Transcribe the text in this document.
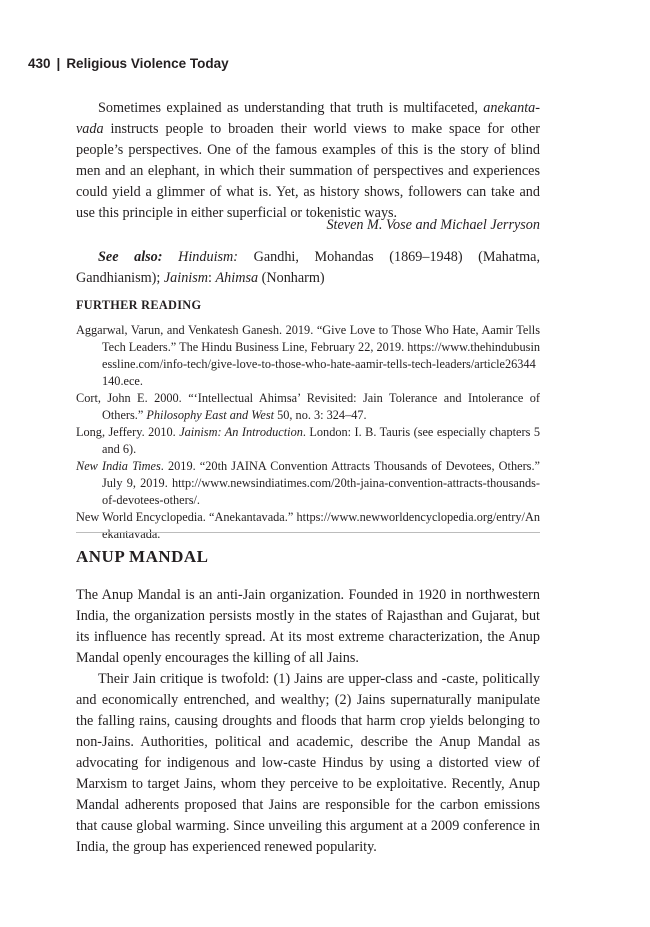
430 | Religious Violence Today

Sometimes explained as understanding that truth is multifaceted, anekanta-vada instructs people to broaden their world views to make space for other people’s perspectives. One of the famous examples of this is the story of blind men and an elephant, in which their summation of perspectives and experiences could yield a glimmer of what is. Yet, as history shows, followers can take and use this principle in either superficial or tokenistic ways.

Steven M. Vose and Michael Jerryson

See also: Hinduism: Gandhi, Mohandas (1869–1948) (Mahatma, Gandhianism); Jainism: Ahimsa (Nonharm)

FURTHER READING

Aggarwal, Varun, and Venkatesh Ganesh. 2019. “Give Love to Those Who Hate, Aamir Tells Tech Leaders.” The Hindu Business Line, February 22, 2019. https://www.thehindubusinessline.com/info-tech/give-love-to-those-who-hate-aamir-tells-tech-leaders/article26344140.ece.

Cort, John E. 2000. “‘Intellectual Ahimsa’ Revisited: Jain Tolerance and Intolerance of Others.” Philosophy East and West 50, no. 3: 324–47.

Long, Jeffery. 2010. Jainism: An Introduction. London: I. B. Tauris (see especially chapters 5 and 6).

New India Times. 2019. “20th JAINA Convention Attracts Thousands of Devotees, Others.” July 9, 2019. http://www.newsindiatimes.com/20th-jaina-convention-attracts-thousands-of-devotees-others/.

New World Encyclopedia. “Anekantavada.” https://www.newworldencyclopedia.org/entry/Anekantavada.

ANUP MANDAL

The Anup Mandal is an anti-Jain organization. Founded in 1920 in northwestern India, the organization persists mostly in the states of Rajasthan and Gujarat, but its influence has recently spread. At its most extreme characterization, the Anup Mandal openly encourages the killing of all Jains.

Their Jain critique is twofold: (1) Jains are upper-class and -caste, politically and economically entrenched, and wealthy; (2) Jains supernaturally manipulate the falling rains, causing droughts and floods that harm crop yields belonging to non-Jains. Authorities, political and academic, describe the Anup Mandal as advocating for indigenous and low-caste Hindus by using a distorted view of Marxism to target Jains, whom they perceive to be exploitative. Recently, Anup Mandal adherents proposed that Jains are responsible for the carbon emissions that cause global warming. Since unveiling this argument at a 2009 conference in India, the group has experienced renewed popularity.
